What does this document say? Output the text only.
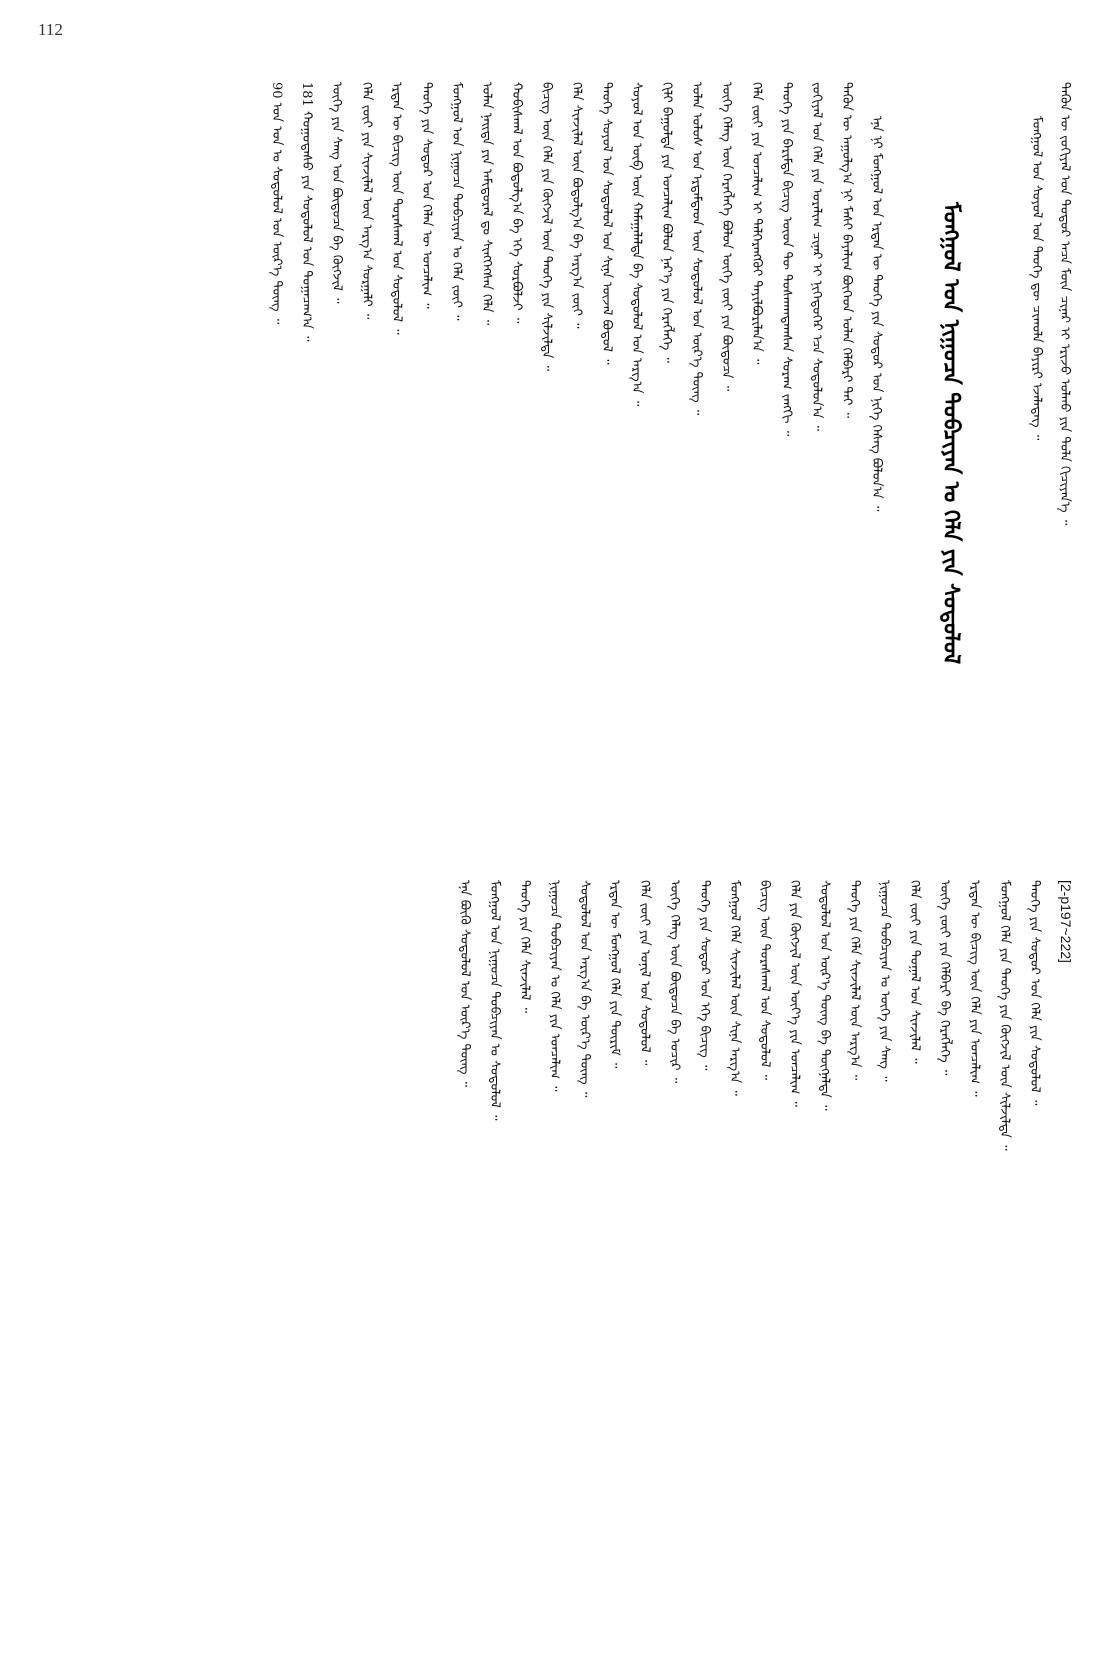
112
ᠲᠡᠭᠦᠨ ᠦ ᠵᠣᠬᠢᠶᠠᠯ ᠤᠨ ᠳᠣᠲᠣᠷ ᠠᠴᠠ ᠮᠥᠨ ᠴᠢᠨᠠᠷ ᠢ ᠡᠷᠢᠵᠦ ᠣᠯᠬᠤ ᠶᠢᠨ ᠲᠤᠯᠠ ᠬᠢᠴᠢᠶᠡᠨ᠎ᠡ ᠃
ᠮᠣᠩᠭᠣᠯ ᠤᠨ ᠰᠣᠶᠣᠯ ᠤᠨ ᠲᠡᠦᠬᠡ ᠳᠦ ᠴᠢᠬᠤᠯᠠ ᠪᠠᠶᠢᠷᠢ ᠡᠵᠡᠯᠡᠳᠡᠭ ᠃
ᠮᠣᠩᠭᠣᠯ ᠤᠨ ᠨᠢᠭᠤᠴᠠ ᠲᠣᠪᠴᠢᠶᠠᠨ ᠤ ᠬᠡᠯᠡ ᠶᠢᠨ ᠰᠤᠳᠤᠯᠤᠯ
ᠡᠨᠡ ᠨᠢ ᠮᠣᠩᠭᠣᠯ ᠤᠨ ᠡᠷᠲᠡᠨ ᠦ ᠲᠡᠦᠬᠡ ᠶᠢᠨ ᠰᠤᠳᠤᠷ ᠤᠨ ᠨᠢᠭᠡ ᠬᠡᠰᠡᠭ ᠪᠣᠯᠤᠨ᠎ᠠ ᠃
ᠲᠡᠭᠦᠨ ᠦ ᠠᠭᠤᠯᠭ᠎ᠠ ᠨᠢ ᠮᠠᠰᠢ ᠪᠠᠶᠠᠯᠢᠭ ᠪᠥᠭᠡᠳ ᠣᠯᠠᠨ ᠬᠡᠯᠪᠡᠷᠢ ᠲᠡᠶ ᠃
ᠵᠣᠬᠢᠶᠠᠯ ᠤᠨ ᠬᠡᠯᠡ ᠶᠢᠨ ᠤᠷᠠᠯᠢᠭ ᠴᠢᠨᠠᠷ ᠢ ᠨᠢᠭᠡᠳᠦᠭᠡᠷ ᠡᠴᠡ ᠰᠤᠳᠤᠯᠤᠨ᠎ᠠ ᠃
ᠲᠡᠦᠬᠡ ᠶᠢᠨ ᠪᠠᠷᠢᠮᠲᠠ ᠪᠢᠴᠢᠭ ᠦᠳ ᠲᠦ ᠲᠤᠰᠬᠠᠭᠳᠠᠭᠰᠠᠨ ᠰᠤᠷᠠᠭ ᠵᠠᠩᠭᠢ ᠃
ᠬᠡᠯᠡ ᠵᠦᠢ ᠶᠢᠨ ᠣᠨᠴᠠᠯᠢᠭ ᠢ ᠳᠡᠯᠭᠡᠷᠡᠩᠭᠦᠢ ᠲᠠᠶᠢᠯᠪᠤᠷᠢᠯᠠᠨ᠎ᠠ ᠃
ᠦᠭᠡ ᠬᠡᠯᠡᠭ ᠦᠨ ᠬᠡᠷᠡᠭᠯᠡᠭᠡ ᠪᠣᠯᠤᠨ ᠦᠭᠡ ᠵᠦᠢ ᠶᠢᠨ ᠪᠦᠲᠦᠴᠡ ᠃
ᠣᠯᠠᠨ ᠤᠯᠤᠰ ᠤᠨ ᠡᠷᠳᠡᠮᠲᠡᠳ ᠦᠨ ᠰᠤᠳᠤᠯᠤᠯ ᠤᠨ ᠦᠷ᠎ᠡ ᠳᠦᠩ ᠃
ᠬᠢᠯᠢ ᠪᠠᠭᠤᠯᠲᠠ ᠶᠢᠨ ᠣᠨᠴᠠᠯᠢᠭ ᠪᠣᠯᠤᠨ ᠨᠡᠷ᠎ᠡ ᠶᠢᠨ ᠬᠡᠷᠡᠭᠯᠡᠭᠡ ᠃
ᠰᠣᠶᠣᠯ ᠤᠨ ᠥᠪ ᠦᠨ ᠬᠠᠮᠠᠭᠠᠯᠠᠯᠲᠠ ᠪᠠ ᠰᠤᠳᠤᠯᠤᠯ ᠤᠨ ᠠᠷᠭ᠎ᠠ ᠃
ᠲᠡᠦᠬᠡ ᠰᠣᠶᠣᠯ ᠤᠨ ᠰᠤᠳᠤᠯᠤᠯ ᠤᠨ ᠰᠢᠨᠡ ᠦᠵᠡᠯ ᠪᠣᠳᠤᠯ ᠃
ᠬᠡᠯᠡ ᠰᠢᠨᠵᠢᠯᠡᠯ ᠦᠨ ᠪᠣᠳᠤᠯᠭ᠎ᠠ ᠪᠠ ᠠᠷᠭ᠎ᠠ ᠵᠦᠢ ᠃
ᠪᠢᠴᠢᠭ ᠦᠨ ᠬᠡᠯᠡ ᠶᠢᠨ ᠬᠥᠭᠵᠢᠯ ᠦᠨ ᠲᠡᠦᠬᠡ ᠶᠢᠨ ᠰᠢᠯᠵᠢᠯᠲᠡ ᠃
ᠬᠤᠪᠢᠰᠬᠠᠯ ᠤᠨ ᠪᠣᠳᠤᠯᠭ᠎ᠠ ᠪᠠ ᠡᠬᠡ ᠰᠤᠷᠪᠤᠯᠵᠢ ᠃
ᠣᠯᠠᠨ ᠨᠡᠢᠲᠡ ᠶᠢᠨ ᠠᠮᠢᠳᠤᠷᠠᠯ ᠳᠤ ᠰᠢᠩᠭᠡᠭᠰᠡᠨ ᠬᠡᠯᠡ ᠃
ᠮᠣᠩᠭᠣᠯ ᠤᠨ ᠨᠢᠭᠤᠴᠠ ᠲᠣᠪᠴᠢᠶᠠᠨ ᠤ ᠬᠡᠯᠡ ᠵᠦᠢ ᠃
ᠲᠡᠦᠬᠡ ᠶᠢᠨ ᠰᠤᠳᠤᠷ ᠤᠨ ᠬᠡᠯᠡᠨ ᠦ ᠣᠨᠴᠠᠯᠢᠭ ᠃
ᠡᠷᠲᠡᠨ ᠦ ᠪᠢᠴᠢᠭ ᠦᠨ ᠳᠤᠷᠠᠰᠬᠠᠯ ᠤᠨ ᠰᠤᠳᠤᠯᠤᠯ ᠃
ᠬᠡᠯᠡ ᠵᠦᠢ ᠶᠢᠨ ᠰᠢᠨᠵᠢᠯᠡᠯ ᠦᠨ ᠠᠷᠭ᠎ᠠ ᠰᠤᠷᠭᠠᠯᠢ ᠃
ᠦᠭᠡ ᠶᠢᠨ ᠰᠠᠩ ᠤᠨ ᠪᠦᠲᠦᠴᠡ ᠪᠠ ᠬᠥᠭᠵᠢᠯ ᠃
181 ᠬᠤᠭᠤᠳᠠᠰᠤ ᠶᠢᠨ ᠰᠤᠳᠤᠯᠤᠯ ᠤᠨ ᠲᠣᠭᠠᠴᠠᠭ᠎ᠠ ᠃
90 ᠤᠨ ᠣᠨ ᠤ ᠰᠤᠳᠤᠯᠤᠯ ᠤᠨ ᠦᠷ᠎ᠡ ᠳᠦᠩ ᠃
[2-p197~222]
ᠲᠡᠦᠬᠡ ᠶᠢᠨ ᠰᠤᠳᠤᠷ ᠤᠨ ᠬᠡᠯᠡ ᠶᠢᠨ ᠰᠤᠳᠤᠯᠤᠯ ᠃
ᠮᠣᠩᠭᠣᠯ ᠬᠡᠯᠡ ᠶᠢᠨ ᠲᠡᠦᠬᠡ ᠶᠢᠨ ᠬᠥᠭᠵᠢᠯ ᠦᠨ ᠰᠢᠯᠵᠢᠯᠲᠡ ᠃
ᠡᠷᠲᠡᠨ ᠦ ᠪᠢᠴᠢᠭ ᠦᠨ ᠬᠡᠯᠡ ᠶᠢᠨ ᠣᠨᠴᠠᠯᠢᠭ ᠃
ᠦᠭᠡ ᠵᠦᠢ ᠶᠢᠨ ᠬᠡᠯᠪᠡᠷᠢ ᠪᠠ ᠬᠡᠷᠡᠭᠯᠡᠭᠡ ᠃
ᠬᠡᠯᠡ ᠵᠦᠢ ᠶᠢᠨ ᠲᠤᠭᠠᠯ ᠤᠨ ᠰᠢᠨᠵᠢᠯᠡᠯ ᠃
ᠨᠢᠭᠤᠴᠠ ᠲᠣᠪᠴᠢᠶᠠᠨ ᠤ ᠦᠭᠡ ᠶᠢᠨ ᠰᠠᠩ ᠃
ᠲᠡᠦᠬᠡ ᠶᠢᠨ ᠬᠡᠯᠡ ᠰᠢᠨᠵᠢᠯᠡᠯ ᠦᠨ ᠠᠷᠭ᠎ᠠ ᠃
ᠰᠤᠳᠤᠯᠤᠯ ᠤᠨ ᠦᠷ᠎ᠡ ᠳᠦᠩ ᠪᠠ ᠳᠦᠭᠨᠡᠯᠲᠡ ᠃
ᠬᠡᠯᠡ ᠶᠢᠨ ᠬᠥᠭᠵᠢᠯ ᠦᠨ ᠦᠶ᠎ᠡ ᠶᠢᠨ ᠣᠨᠴᠠᠯᠢᠭ ᠃
ᠪᠢᠴᠢᠭ ᠦᠨ ᠳᠤᠷᠠᠰᠬᠠᠯ ᠤᠨ ᠰᠤᠳᠤᠯᠤᠯ ᠃
ᠮᠣᠩᠭᠣᠯ ᠬᠡᠯᠡ ᠰᠢᠨᠵᠢᠯᠡᠯ ᠦᠨ ᠰᠢᠨᠡ ᠠᠷᠭ᠎ᠠ ᠃
ᠲᠡᠦᠬᠡ ᠶᠢᠨ ᠰᠤᠳᠤᠷ ᠤᠨ ᠡᠬᠡ ᠪᠢᠴᠢᠭ ᠃
ᠦᠭᠡ ᠬᠡᠯᠡᠭ ᠦᠨ ᠪᠦᠲᠦᠴᠡ ᠪᠠ ᠤᠴᠢᠷ ᠃
ᠬᠡᠯᠡ ᠵᠦᠢ ᠶᠢᠨ ᠣᠨᠢᠯ ᠤᠨ ᠰᠤᠳᠤᠯᠤᠯ ᠃
ᠡᠷᠲᠡᠨ ᠦ ᠮᠣᠩᠭᠣᠯ ᠬᠡᠯᠡ ᠶᠢᠨ ᠳᠦᠷᠢᠮ ᠃
ᠰᠤᠳᠤᠯᠤᠯ ᠤᠨ ᠠᠷᠭ᠎ᠠ ᠪᠠ ᠦᠷ᠎ᠡ ᠳᠦᠩ ᠃
ᠨᠢᠭᠤᠴᠠ ᠲᠣᠪᠴᠢᠶᠠᠨ ᠤ ᠬᠡᠯᠡ ᠶᠢᠨ ᠣᠨᠴᠠᠯᠢᠭ ᠃
ᠲᠡᠦᠬᠡ ᠶᠢᠨ ᠬᠡᠯᠡ ᠰᠢᠨᠵᠢᠯᠡᠯ ᠃
ᠮᠣᠩᠭᠣᠯ ᠤᠨ ᠨᠢᠭᠤᠴᠠ ᠲᠣᠪᠴᠢᠶᠠᠨ ᠤ ᠰᠤᠳᠤᠯᠤᠯ ᠃
ᠡᠨᠡ ᠪᠦᠬᠦ ᠰᠤᠳᠤᠯᠤᠯ ᠤᠨ ᠦᠷ᠎ᠡ ᠳᠦᠩ ᠃
